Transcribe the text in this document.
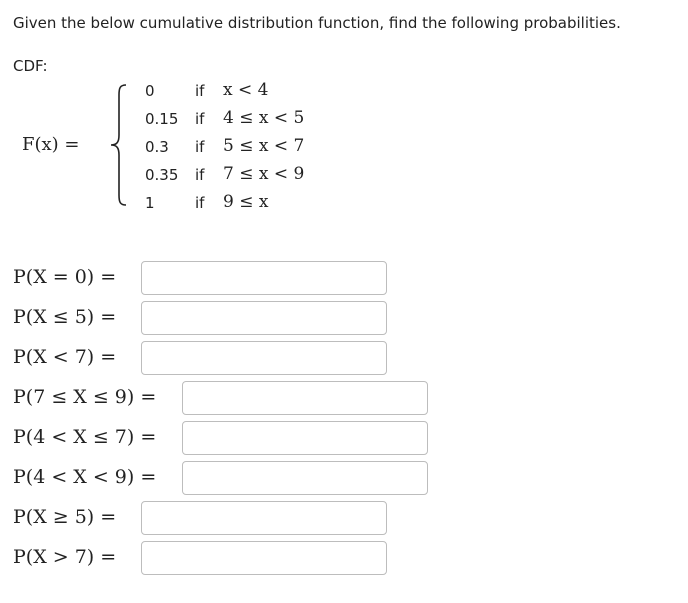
Given the below cumulative distribution function, find the following probabilities.
CDF:
F(x) =
0	if x < 4
0.15 if 4 ≤ x < 5
0.3 if 5 ≤ x < 7
0.35 if 7 ≤ x < 9
1	if 9 ≤ x
P(X = 0) =
P(X ≤ 5) =
P(X < 7) =
P(7 ≤ X ≤ 9) =
P(4 < X ≤ 7) =
P(4 < X < 9) =
P(X ≥ 5) =
P(X > 7) =
